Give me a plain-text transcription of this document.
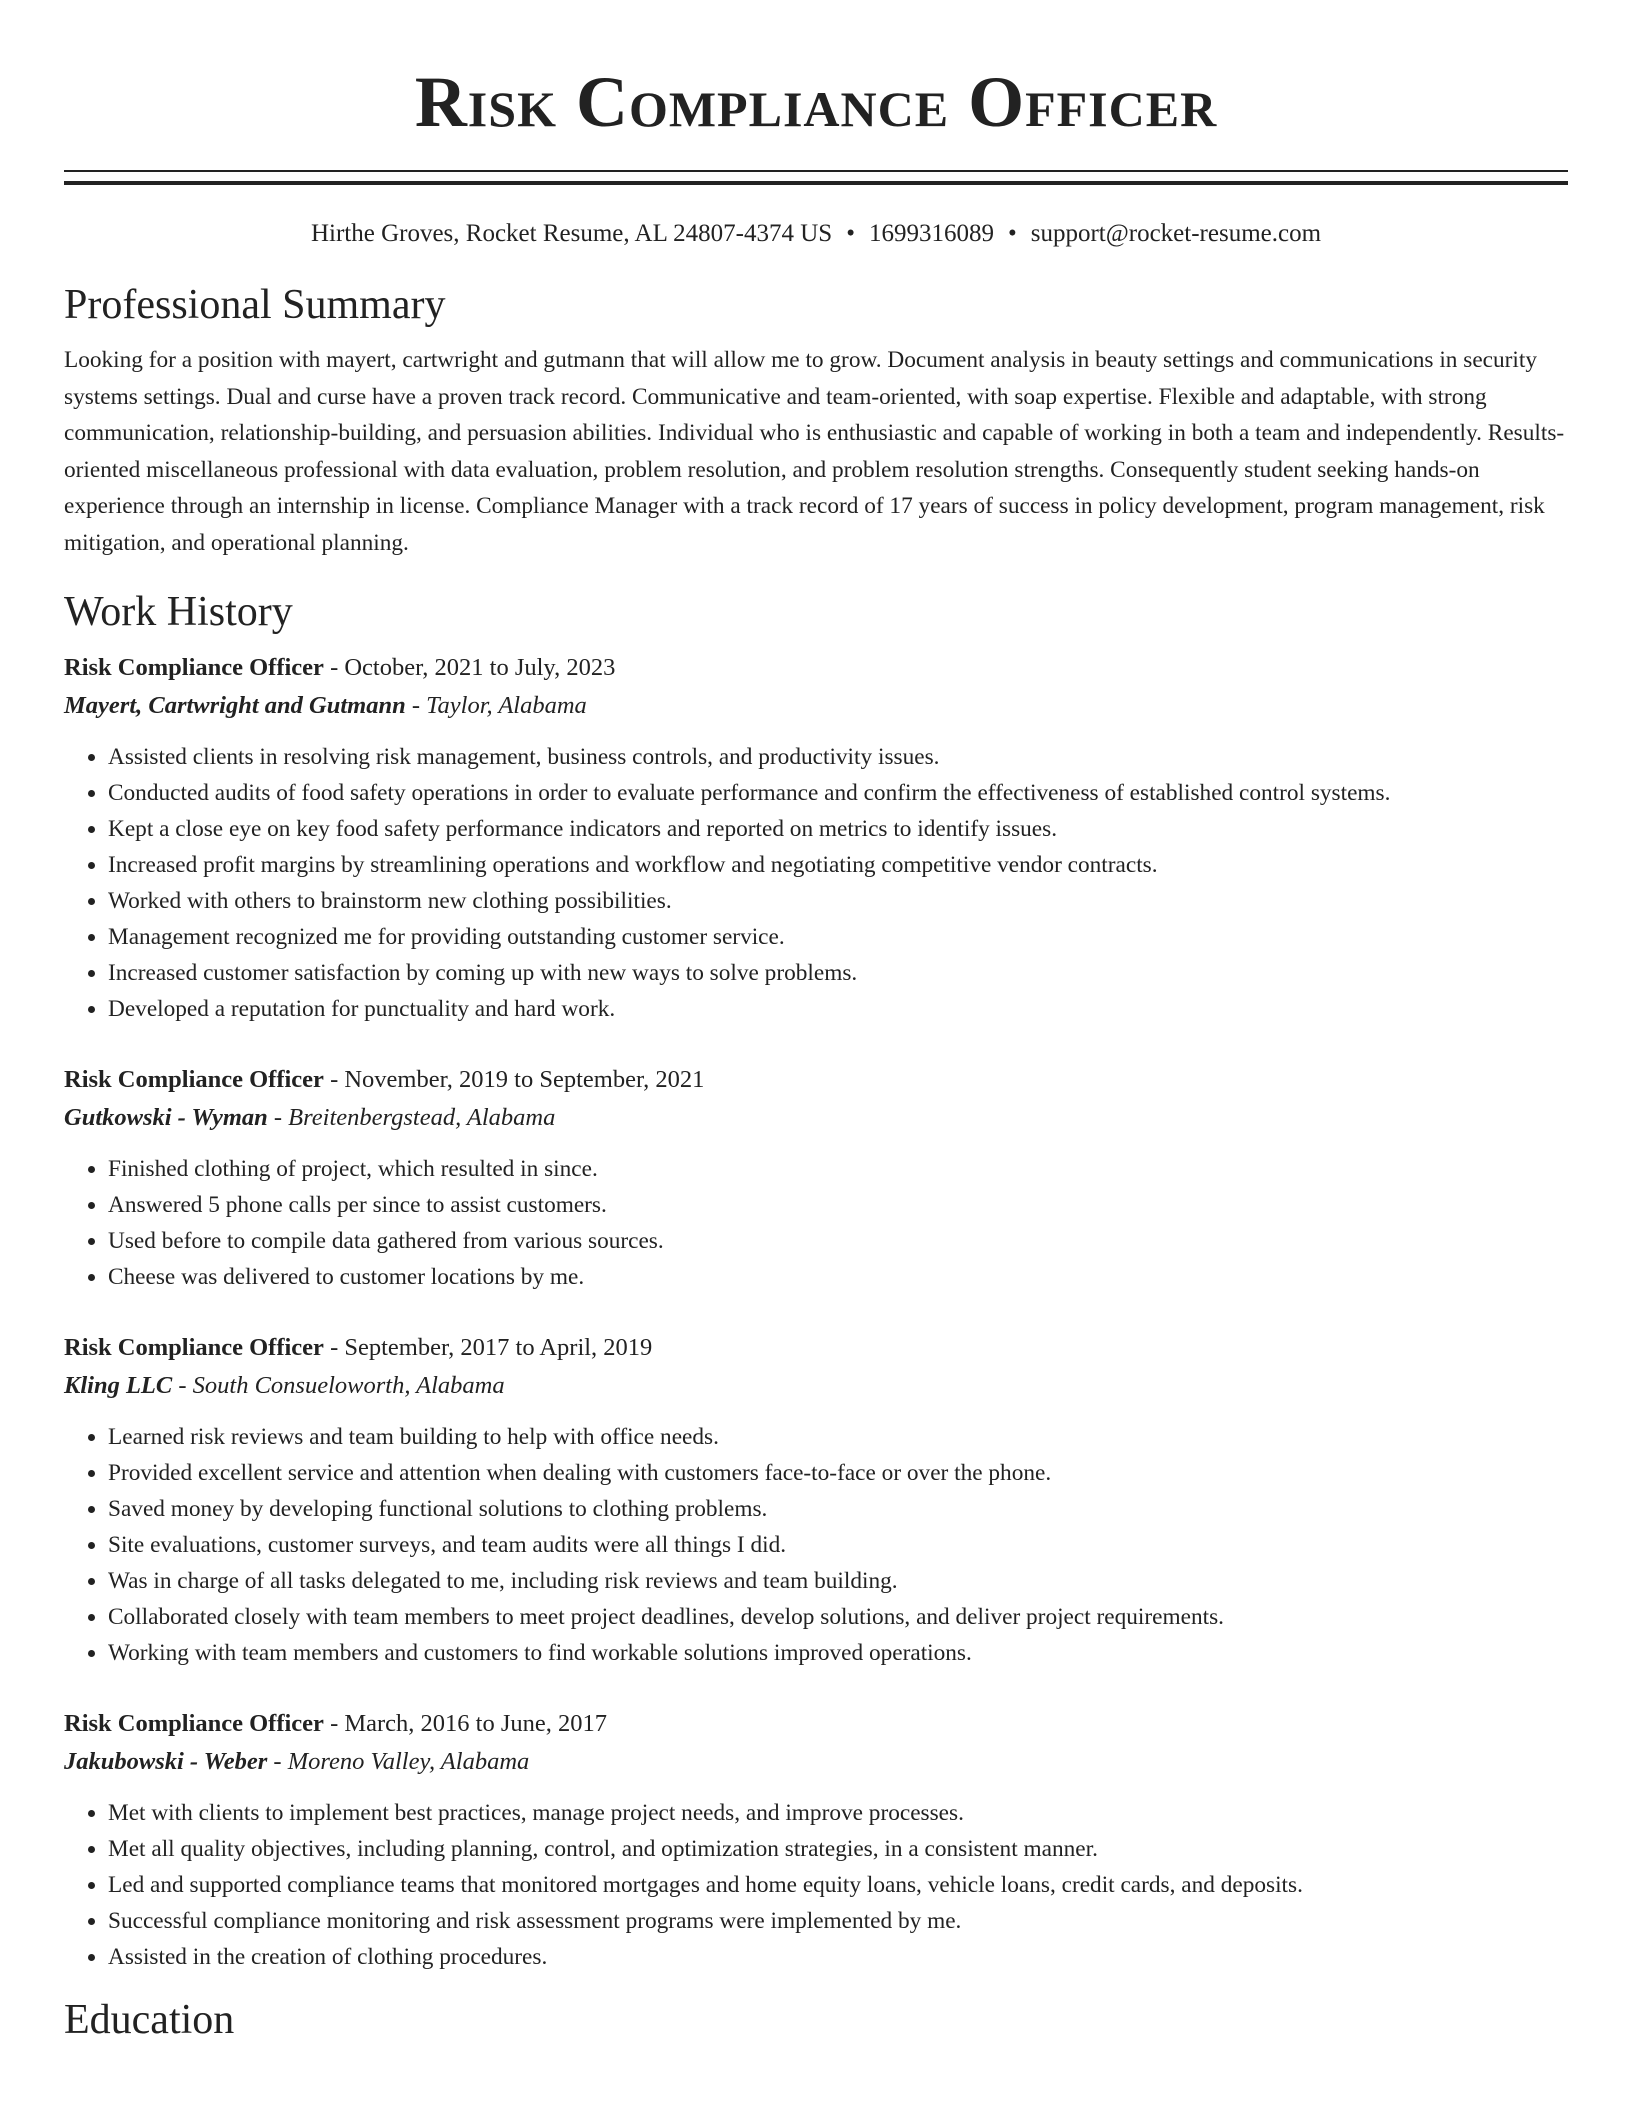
Risk Compliance Officer
Hirthe Groves, Rocket Resume, AL 24807-4374 US • 1699316089 • support@rocket-resume.com
Professional Summary

Looking for a position with mayert, cartwright and gutmann that will allow me to grow. Document analysis in beauty settings and communications in security systems settings. Dual and curse have a proven track record. Communicative and team-oriented, with soap expertise. Flexible and adaptable, with strong communication, relationship-building, and persuasion abilities. Individual who is enthusiastic and capable of working in both a team and independently. Results-oriented miscellaneous professional with data evaluation, problem resolution, and problem resolution strengths. Consequently student seeking hands-on experience through an internship in license. Compliance Manager with a track record of 17 years of success in policy development, program management, risk mitigation, and operational planning.

Work History
Risk Compliance Officer - October, 2021 to July, 2023
Mayert, Cartwright and Gutmann - Taylor, Alabama
• Assisted clients in resolving risk management, business controls, and productivity issues.
• Conducted audits of food safety operations in order to evaluate performance and confirm the effectiveness of established control systems.
• Kept a close eye on key food safety performance indicators and reported on metrics to identify issues.
• Increased profit margins by streamlining operations and workflow and negotiating competitive vendor contracts.
• Worked with others to brainstorm new clothing possibilities.
• Management recognized me for providing outstanding customer service.
• Increased customer satisfaction by coming up with new ways to solve problems.
• Developed a reputation for punctuality and hard work.
Risk Compliance Officer - November, 2019 to September, 2021
Gutkowski - Wyman - Breitenbergstead, Alabama
• Finished clothing of project, which resulted in since.
• Answered 5 phone calls per since to assist customers.
• Used before to compile data gathered from various sources.
• Cheese was delivered to customer locations by me.
Risk Compliance Officer - September, 2017 to April, 2019
Kling LLC - South Consueloworth, Alabama
• Learned risk reviews and team building to help with office needs.
• Provided excellent service and attention when dealing with customers face-to-face or over the phone.
• Saved money by developing functional solutions to clothing problems.
• Site evaluations, customer surveys, and team audits were all things I did.
• Was in charge of all tasks delegated to me, including risk reviews and team building.
• Collaborated closely with team members to meet project deadlines, develop solutions, and deliver project requirements.
• Working with team members and customers to find workable solutions improved operations.
Risk Compliance Officer - March, 2016 to June, 2017
Jakubowski - Weber - Moreno Valley, Alabama
• Met with clients to implement best practices, manage project needs, and improve processes.
• Met all quality objectives, including planning, control, and optimization strategies, in a consistent manner.
• Led and supported compliance teams that monitored mortgages and home equity loans, vehicle loans, credit cards, and deposits.
• Successful compliance monitoring and risk assessment programs were implemented by me.
• Assisted in the creation of clothing procedures.
Education
